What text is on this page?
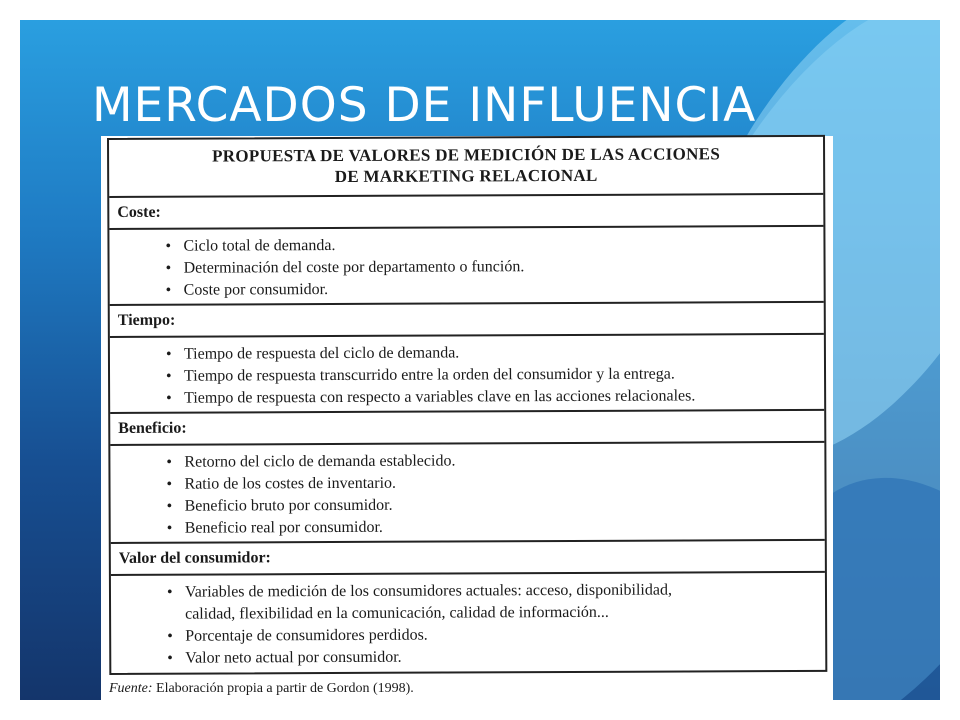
MERCADOS DE INFLUENCIA
PROPUESTA DE VALORES DE MEDICIÓN DE LAS ACCIONES
DE MARKETING RELACIONAL
Coste:
• Ciclo total de demanda.
• Determinación del coste por departamento o función.
• Coste por consumidor.
Tiempo:
• Tiempo de respuesta del ciclo de demanda.
• Tiempo de respuesta transcurrido entre la orden del consumidor y la entrega.
• Tiempo de respuesta con respecto a variables clave en las acciones relacionales.
Beneficio:
• Retorno del ciclo de demanda establecido.
• Ratio de los costes de inventario.
• Beneficio bruto por consumidor.
• Beneficio real por consumidor.
Valor del consumidor:
• Variables de medición de los consumidores actuales: acceso, disponibilidad,
calidad, flexibilidad en la comunicación, calidad de información...
• Porcentaje de consumidores perdidos.
• Valor neto actual por consumidor.
Fuente: Elaboración propia a partir de Gordon (1998).
